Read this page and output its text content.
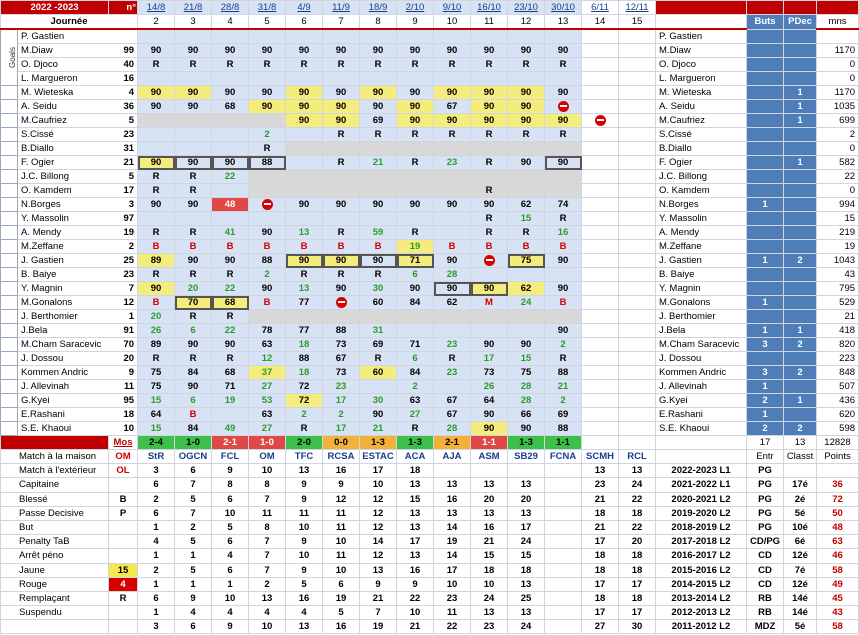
2022 -2023		n°	14/8	21/8	28/8	31/8	4/9	11/9	18/9	2/10	9/10	16/10	23/10	30/10	6/11	12/11				
Journée			2	3	4	5	6	7	8	9	10	11	12	13	14	15		Buts	PDec	mns
Goals	P. Gastien																P. Gastien			
	M.Diaw	99	90	90	90	90	90	90	90	90	90	90	90	90			M.Diaw			1170
	O. Djoco	40	R	R	R	R	R	R	R	R	R	R	R	R			O. Djoco			0
	L. Margueron	16															L. Margueron			0
	M. Wieteska	4	90	90	90	90	90	90	90	90	90	90	90	90			M. Wieteska		1	1170
	A. Seidu	36	90	90	68	90	90	90	90	90	67	90	90				A. Seidu		1	1035
	M.Caufriez	5					90	90	69	90	90	90	90	90			M.Caufriez		1	699
	S.Cissé	23				2		R	R	R	R	R	R	R			S.Cissé			2
	B.Diallo	31				R											B.Diallo			0
	F. Ogier	21	90	90	90	88		R	21	R	23	R	90	90			F. Ogier		1	582
	J.C. Billong	5	R	R	22												J.C. Billong			22
	O. Kamdem	17	R	R								R					O. Kamdem			0
	N.Borges	3	90	90	48		90	90	90	90	90	90	62	74			N.Borges	1		994
	Y. Massolin	97										R	15	R			Y. Massolin			15
	A. Mendy	19	R	R	41	90	13	R	59	R		R	R	16			A. Mendy			219
	M.Zeffane	2	B	B	B	B	B	B	B	19	B	B	B	B			M.Zeffane			19
	J. Gastien	25	89	90	90	88	90	90	90	71	90		75	90			J. Gastien	1	2	1043
	B. Baiye	23	R	R	R	2	R	R	R	6	28						B. Baiye			43
	Y. Magnin	7	90	20	22	90	13	90	30	90	90	90	62	90			Y. Magnin			795
	M.Gonalons	12	B	70	68	B	77		60	84	62	M	24	B			M.Gonalons	1		529
	J. Berthomier	1	20	R	R												J. Berthomier			21
	J.Bela	91	26	6	22	78	77	88	31					90			J.Bela	1	1	418
	M.Cham Saracevic	70	89	90	90	63	18	73	69	71	23	90	90	2			M.Cham Saracevic	3	2	820
	J. Dossou	20	R	R	R	12	88	67	R	6	R	17	15	R			J. Dossou			223
	Kommen Andric	9	75	84	68	37	18	73	60	84	23	73	75	88			Kommen Andric	3	2	848
	J. Allevinah	11	75	90	71	27	72	23		2		26	28	21			J. Allevinah	1		507
	G.Kyei	95	15	6	19	53	72	17	30	63	67	64	28	2			G.Kyei	2	1	436
	E.Rashani	18	64	B		63	2	2	90	27	67	90	66	69			E.Rashani	1		620
	S.E. Khaoui	10	15	84	49	27	R	17	21	R	28	90	90	88			S.E. Khaoui	2	2	598
		Mos	2-4	1-0	2-1	1-0	2-0	0-0	1-3	1-3	2-1	1-1	1-3	1-1				17	13	12828
Match à la maison		OM	StR	OGCN	FCL	OM	TFC	RCSA	ESTAC	ACA	AJA	ASM	SB29	FCNA	SCMH	RCL		Entr	Classt	Points
Match à l'extérieur		OL	3	6	9	10	13	16	17	18					13	13	2022-2023 L1	PG		
Capitaine			6	7	8	8	9	9	10	13	13	13	13		23	24	2021-2022 L1	PG	17é	36
Blessé		B	2	5	6	7	9	12	12	15	16	20	20		21	22	2020-2021 L2	PG	2é	72
Passe Decisive		P	6	7	10	11	11	11	12	13	13	13	13		18	18	2019-2020 L2	PG	5é	50
But			1	2	5	8	10	11	12	13	14	16	17		21	22	2018-2019 L2	PG	10é	48
Penalty TaB			4	5	6	7	9	10	14	17	19	21	24		17	20	2017-2018 L2	CD/PG	6é	63
Arrêt péno			1	1	4	7	10	11	12	13	14	15	15		18	18	2016-2017 L2	CD	12é	46
Jaune		15	2	5	6	7	9	10	13	16	17	18	18		18	18	2015-2016 L2	CD	7é	58
Rouge		4	1	1	1	2	5	6	9	9	10	10	13		17	17	2014-2015 L2	CD	12é	49
Remplaçant		R	6	9	10	13	16	19	21	22	23	24	25		18	18	2013-2014 L2	RB	14é	45
Suspendu			1	4	4	4	4	5	7	10	11	13	13		17	17	2012-2013 L2	RB	14é	43
			3	6	9	10	13	16	19	21	22	23	24		27	30	2011-2012 L2	MDZ	5é	58
